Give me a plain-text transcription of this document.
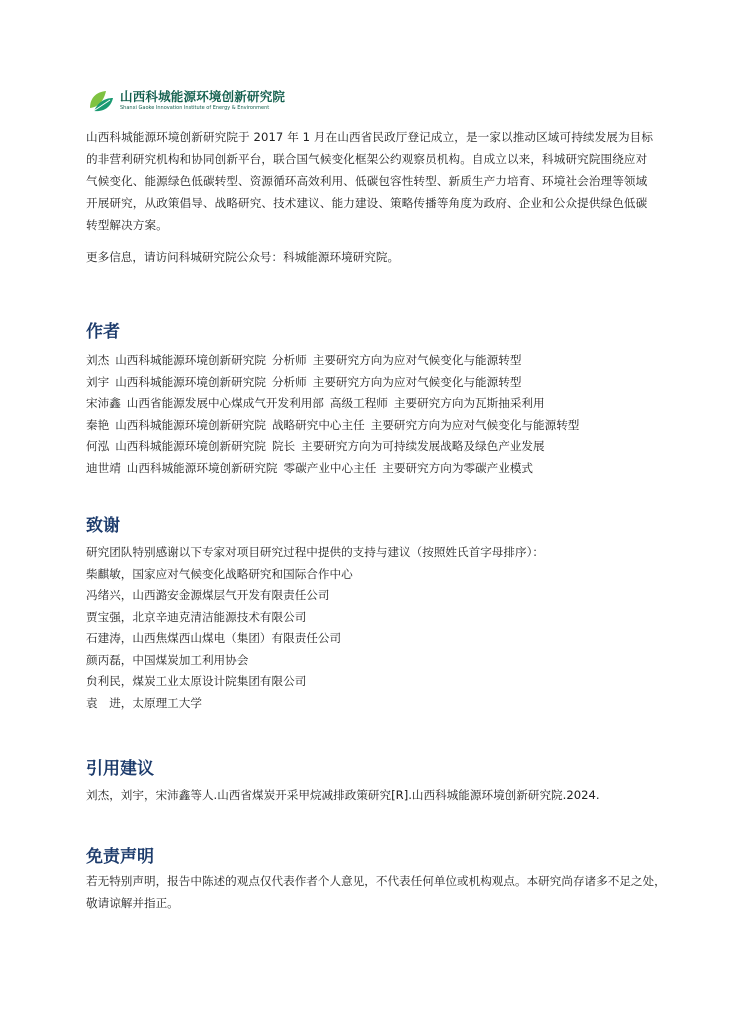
山西科城能源环境创新研究院
Shanxi Gaoke Innovation Institute of Energy & Environment

山西科城能源环境创新研究院于 2017 年 1 月在山西省民政厅登记成立，是一家以推动区域可持续发展为目标的非营利研究机构和协同创新平台，联合国气候变化框架公约观察员机构。自成立以来，科城研究院围绕应对气候变化、能源绿色低碳转型、资源循环高效利用、低碳包容性转型、新质生产力培育、环境社会治理等领域开展研究，从政策倡导、战略研究、技术建议、能力建设、策略传播等角度为政府、企业和公众提供绿色低碳转型解决方案。

更多信息，请访问科城研究院公众号：科城能源环境研究院。

作者

刘杰 山西科城能源环境创新研究院 分析师 主要研究方向为应对气候变化与能源转型

刘宇 山西科城能源环境创新研究院 分析师 主要研究方向为应对气候变化与能源转型

宋沛鑫 山西省能源发展中心煤成气开发利用部 高级工程师 主要研究方向为瓦斯抽采利用

秦艳 山西科城能源环境创新研究院 战略研究中心主任 主要研究方向为应对气候变化与能源转型

何泓 山西科城能源环境创新研究院 院长 主要研究方向为可持续发展战略及绿色产业发展

迪世靖 山西科城能源环境创新研究院 零碳产业中心主任 主要研究方向为零碳产业模式

致谢

研究团队特别感谢以下专家对项目研究过程中提供的支持与建议（按照姓氏首字母排序）：

柴麒敏，国家应对气候变化战略研究和国际合作中心

冯绪兴，山西潞安金源煤层气开发有限责任公司

贾宝强，北京辛迪克清洁能源技术有限公司

石建涛，山西焦煤西山煤电（集团）有限责任公司

颜丙磊，中国煤炭加工利用协会

贠利民，煤炭工业太原设计院集团有限公司

袁　进，太原理工大学

引用建议

刘杰，刘宇，宋沛鑫等人.山西省煤炭开采甲烷减排政策研究[R].山西科城能源环境创新研究院.2024.

免责声明

若无特别声明，报告中陈述的观点仅代表作者个人意见，不代表任何单位或机构观点。本研究尚存诸多不足之处，敬请谅解并指正。
